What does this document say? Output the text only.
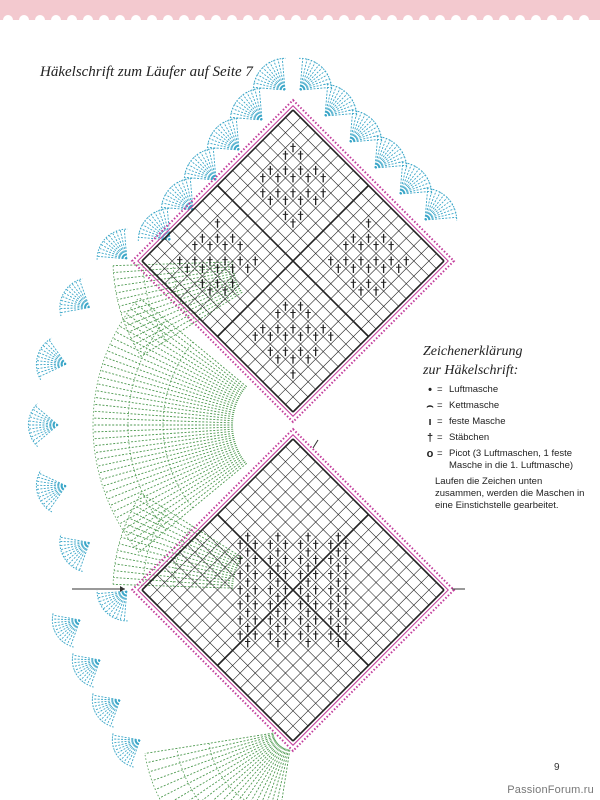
Häkelschrift zum Läufer auf Seite 7
Zeichenerklärung
zur Häkelschrift:
• = Luftmasche
⌢ = Kettmasche
ı = feste Masche
† = Stäbchen
ο = Picot (3 Luftmaschen, 1 feste Masche in die 1. Luftmasche)
Laufen die Zeichen unten zusammen, werden die Maschen in eine Einstichstelle gearbeitet.
9
PassionForum.ru
